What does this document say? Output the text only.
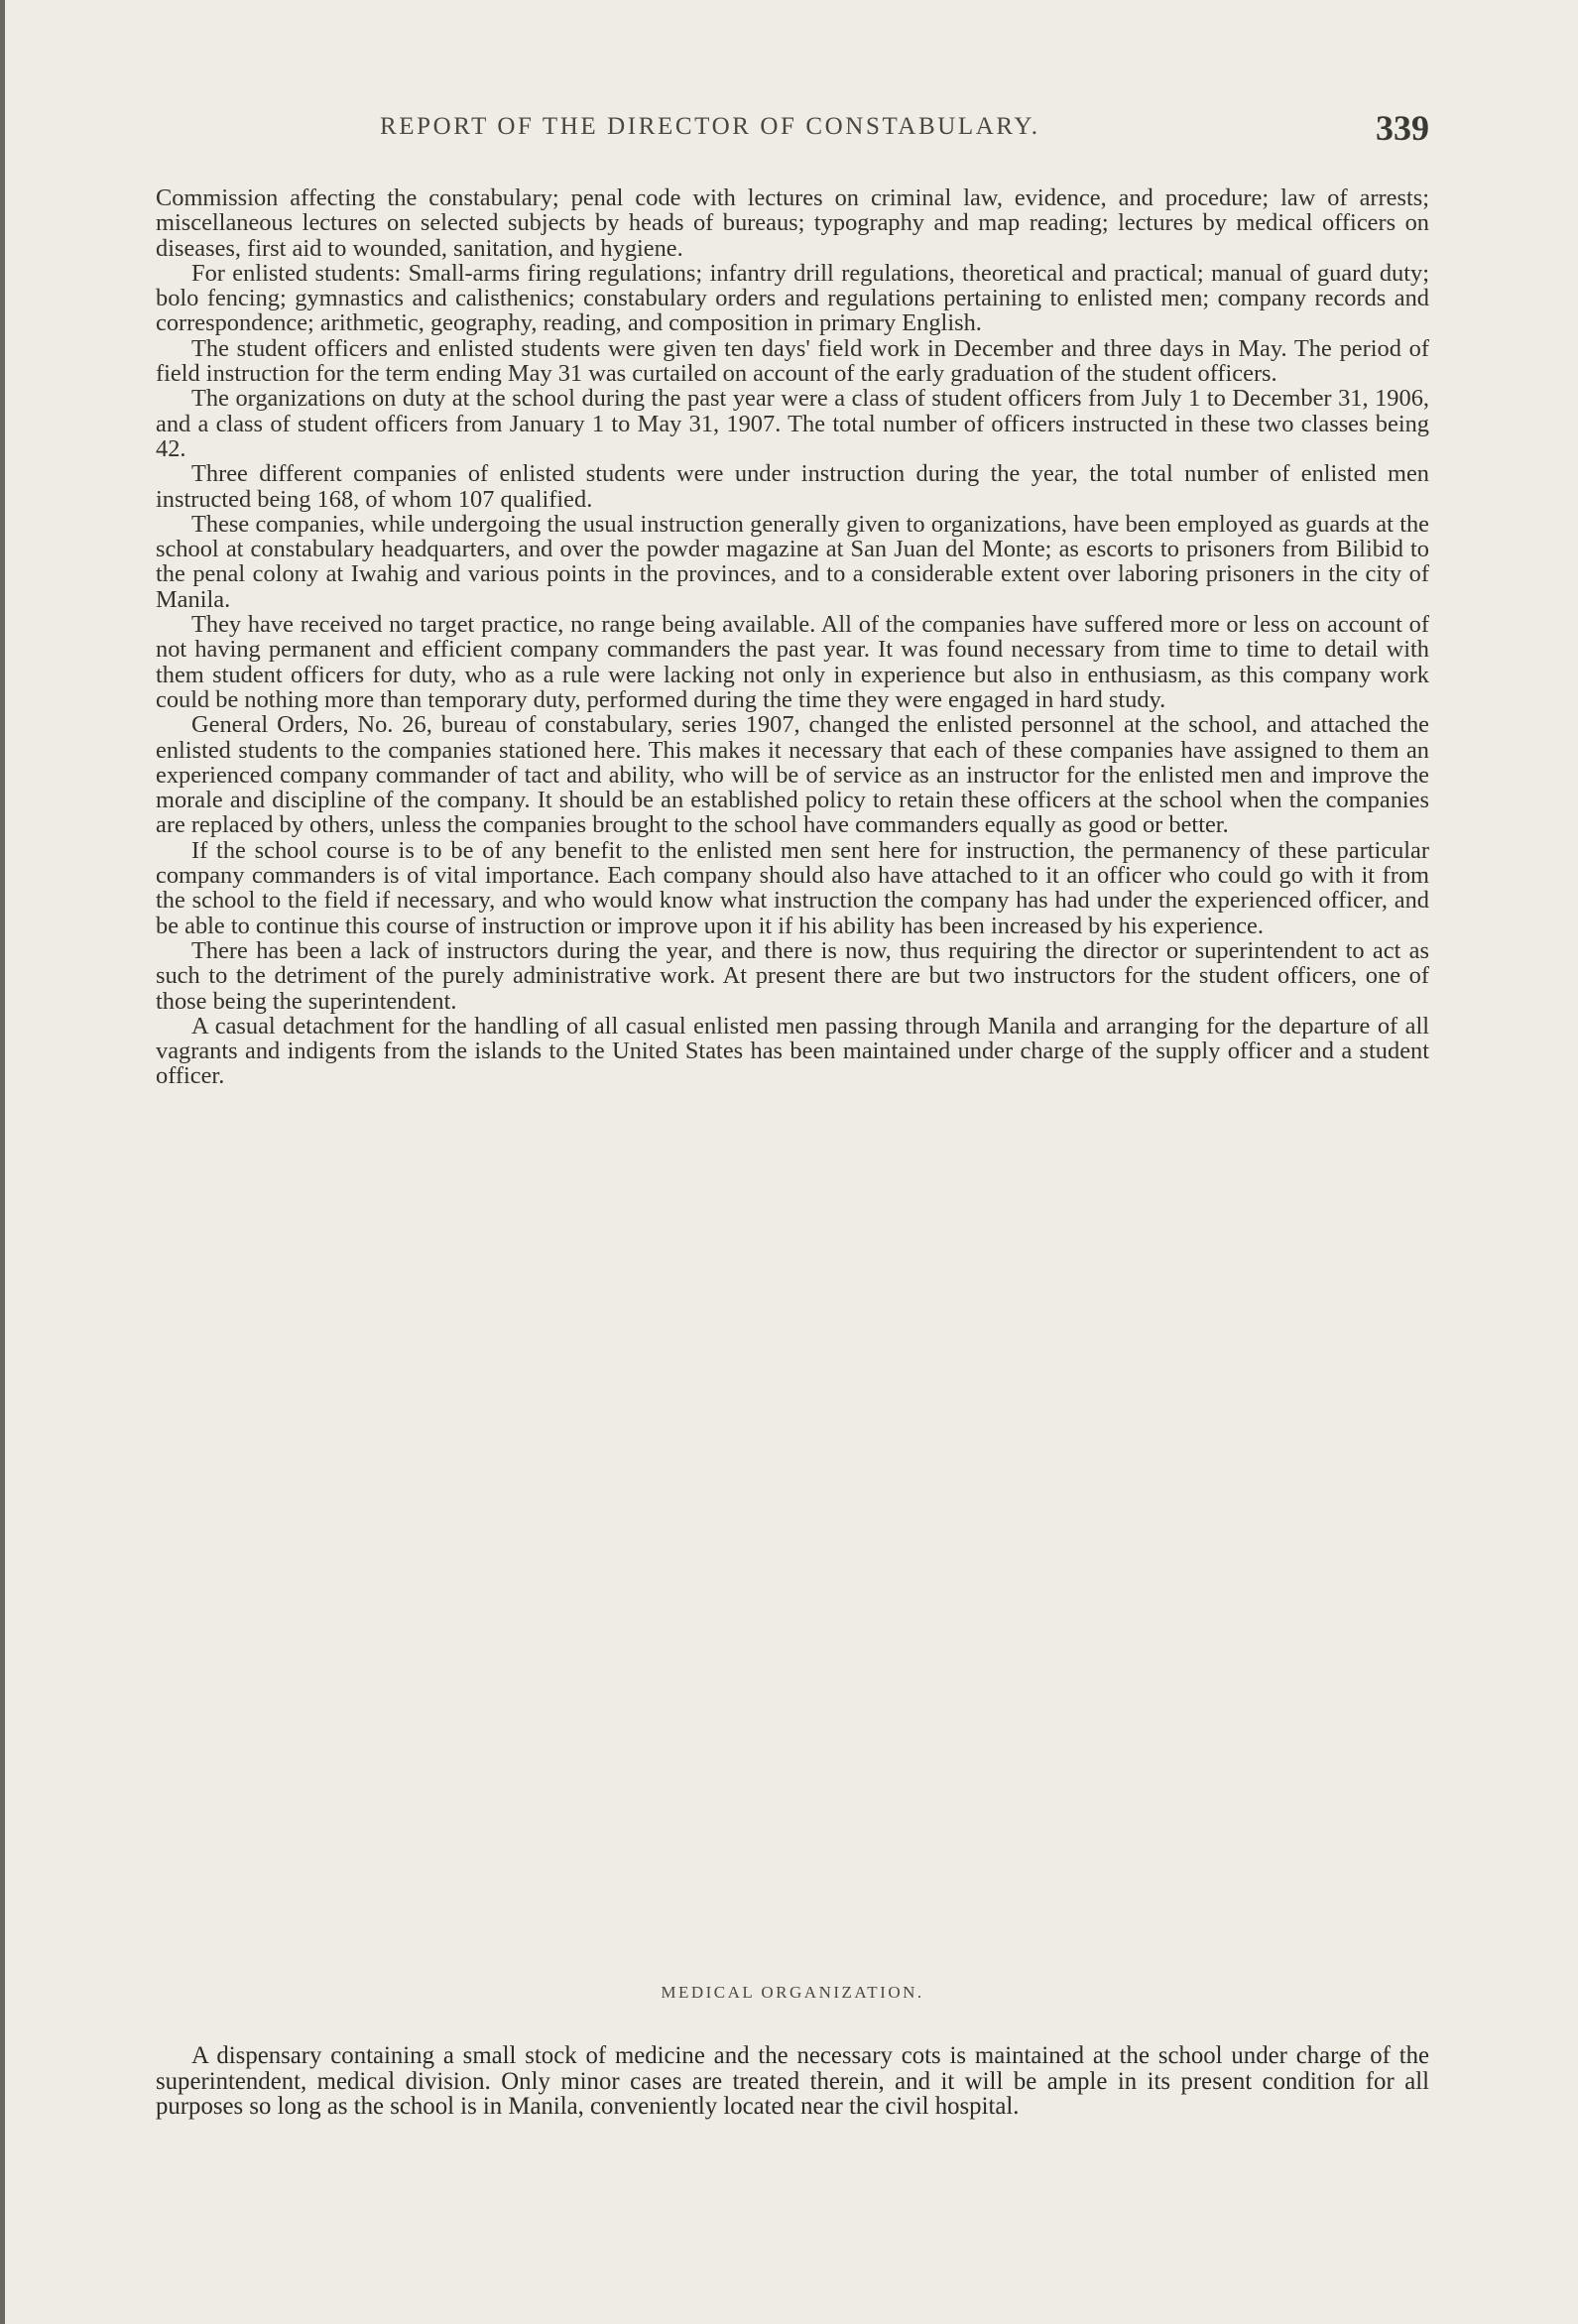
REPORT OF THE DIRECTOR OF CONSTABULARY.	339

Commission affecting the constabulary; penal code with lectures on criminal law, evidence, and procedure; law of arrests; miscellaneous lectures on selected subjects by heads of bureaus; typography and map reading; lectures by medical officers on diseases, first aid to wounded, sanitation, and hygiene.

For enlisted students: Small-arms firing regulations; infantry drill regulations, theoretical and practical; manual of guard duty; bolo fencing; gymnastics and calisthenics; constabulary orders and regulations pertaining to enlisted men; company records and correspondence; arithmetic, geography, reading, and composition in primary English.

The student officers and enlisted students were given ten days' field work in December and three days in May. The period of field instruction for the term ending May 31 was curtailed on account of the early graduation of the student officers.

The organizations on duty at the school during the past year were a class of student officers from July 1 to December 31, 1906, and a class of student officers from January 1 to May 31, 1907. The total number of officers instructed in these two classes being 42.

Three different companies of enlisted students were under instruction during the year, the total number of enlisted men instructed being 168, of whom 107 qualified.

These companies, while undergoing the usual instruction generally given to organizations, have been employed as guards at the school at constabulary headquarters, and over the powder magazine at San Juan del Monte; as escorts to prisoners from Bilibid to the penal colony at Iwahig and various points in the provinces, and to a considerable extent over laboring prisoners in the city of Manila.

They have received no target practice, no range being available. All of the companies have suffered more or less on account of not having permanent and efficient company commanders the past year. It was found necessary from time to time to detail with them student officers for duty, who as a rule were lacking not only in experience but also in enthusiasm, as this company work could be nothing more than temporary duty, performed during the time they were engaged in hard study.

General Orders, No. 26, bureau of constabulary, series 1907, changed the enlisted personnel at the school, and attached the enlisted students to the companies stationed here. This makes it necessary that each of these companies have assigned to them an experienced company commander of tact and ability, who will be of service as an instructor for the enlisted men and improve the morale and discipline of the company. It should be an established policy to retain these officers at the school when the companies are replaced by others, unless the companies brought to the school have commanders equally as good or better.

If the school course is to be of any benefit to the enlisted men sent here for instruction, the permanency of these particular company commanders is of vital importance. Each company should also have attached to it an officer who could go with it from the school to the field if necessary, and who would know what instruction the company has had under the experienced officer, and be able to continue this course of instruction or improve upon it if his ability has been increased by his experience.

There has been a lack of instructors during the year, and there is now, thus requiring the director or superintendent to act as such to the detriment of the purely administrative work. At present there are but two instructors for the student officers, one of those being the superintendent.

A casual detachment for the handling of all casual enlisted men passing through Manila and arranging for the departure of all vagrants and indigents from the islands to the United States has been maintained under charge of the supply officer and a student officer.

MEDICAL ORGANIZATION.

A dispensary containing a small stock of medicine and the necessary cots is maintained at the school under charge of the superintendent, medical division. Only minor cases are treated therein, and it will be ample in its present condition for all purposes so long as the school is in Manila, conveniently located near the civil hospital.
